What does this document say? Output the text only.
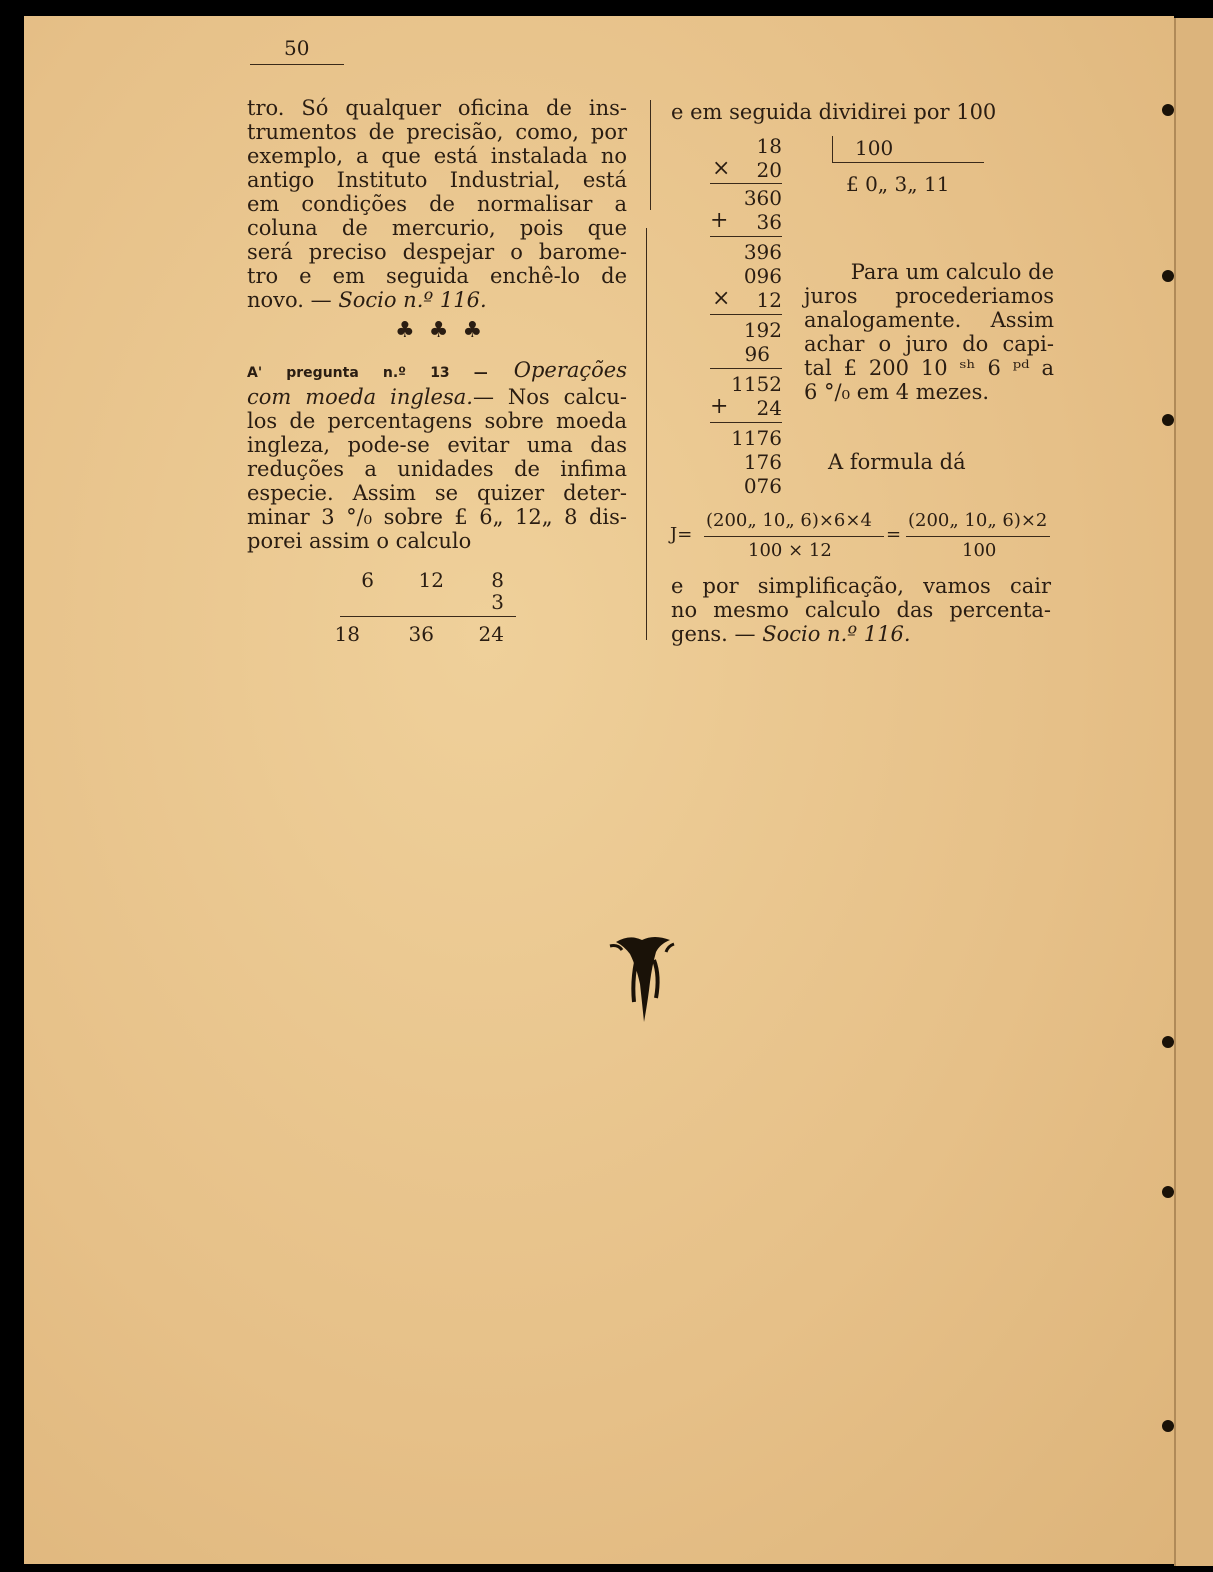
50
tro. Só qualquer oficina de ins-
trumentos de precisão, como, por
exemplo, a que está instalada no
antigo Instituto Industrial, está
em condições de normalisar a
coluna de mercurio, pois que
será preciso despejar o barome-
tro e em seguida enchê-lo de
novo. — Socio n.º 116.
♣♣♣
A' pregunta n.º 13 — Operações
com moeda inglesa.— Nos calcu-
los de percentagens sobre moeda
ingleza, pode-se evitar uma das
reduções a unidades de infima
especie. Assim se quizer deter-
minar 3 °/₀ sobre £ 6„ 12„ 8 dis-
porei assim o calculo
6	12	8
3
18	36	24
e em seguida dividirei por 100
18
×	20
360
+	36
396
096
×	12
192
96
1152
+	24
1176
176
076
100
£ 0„ 3„ 11
Para um calculo de
juros procederiamos
analogamente. Assim
achar o juro do capi-
tal £ 200 10 ˢʰ 6 ᵖᵈ a
6 °/₀ em 4 mezes.
A formula dá
J=
(200„ 10„ 6)×6×4
100 × 12
=
(200„ 10„ 6)×2
100
e por simplificação, vamos cair
no mesmo calculo das percenta-
gens. — Socio n.º 116.
